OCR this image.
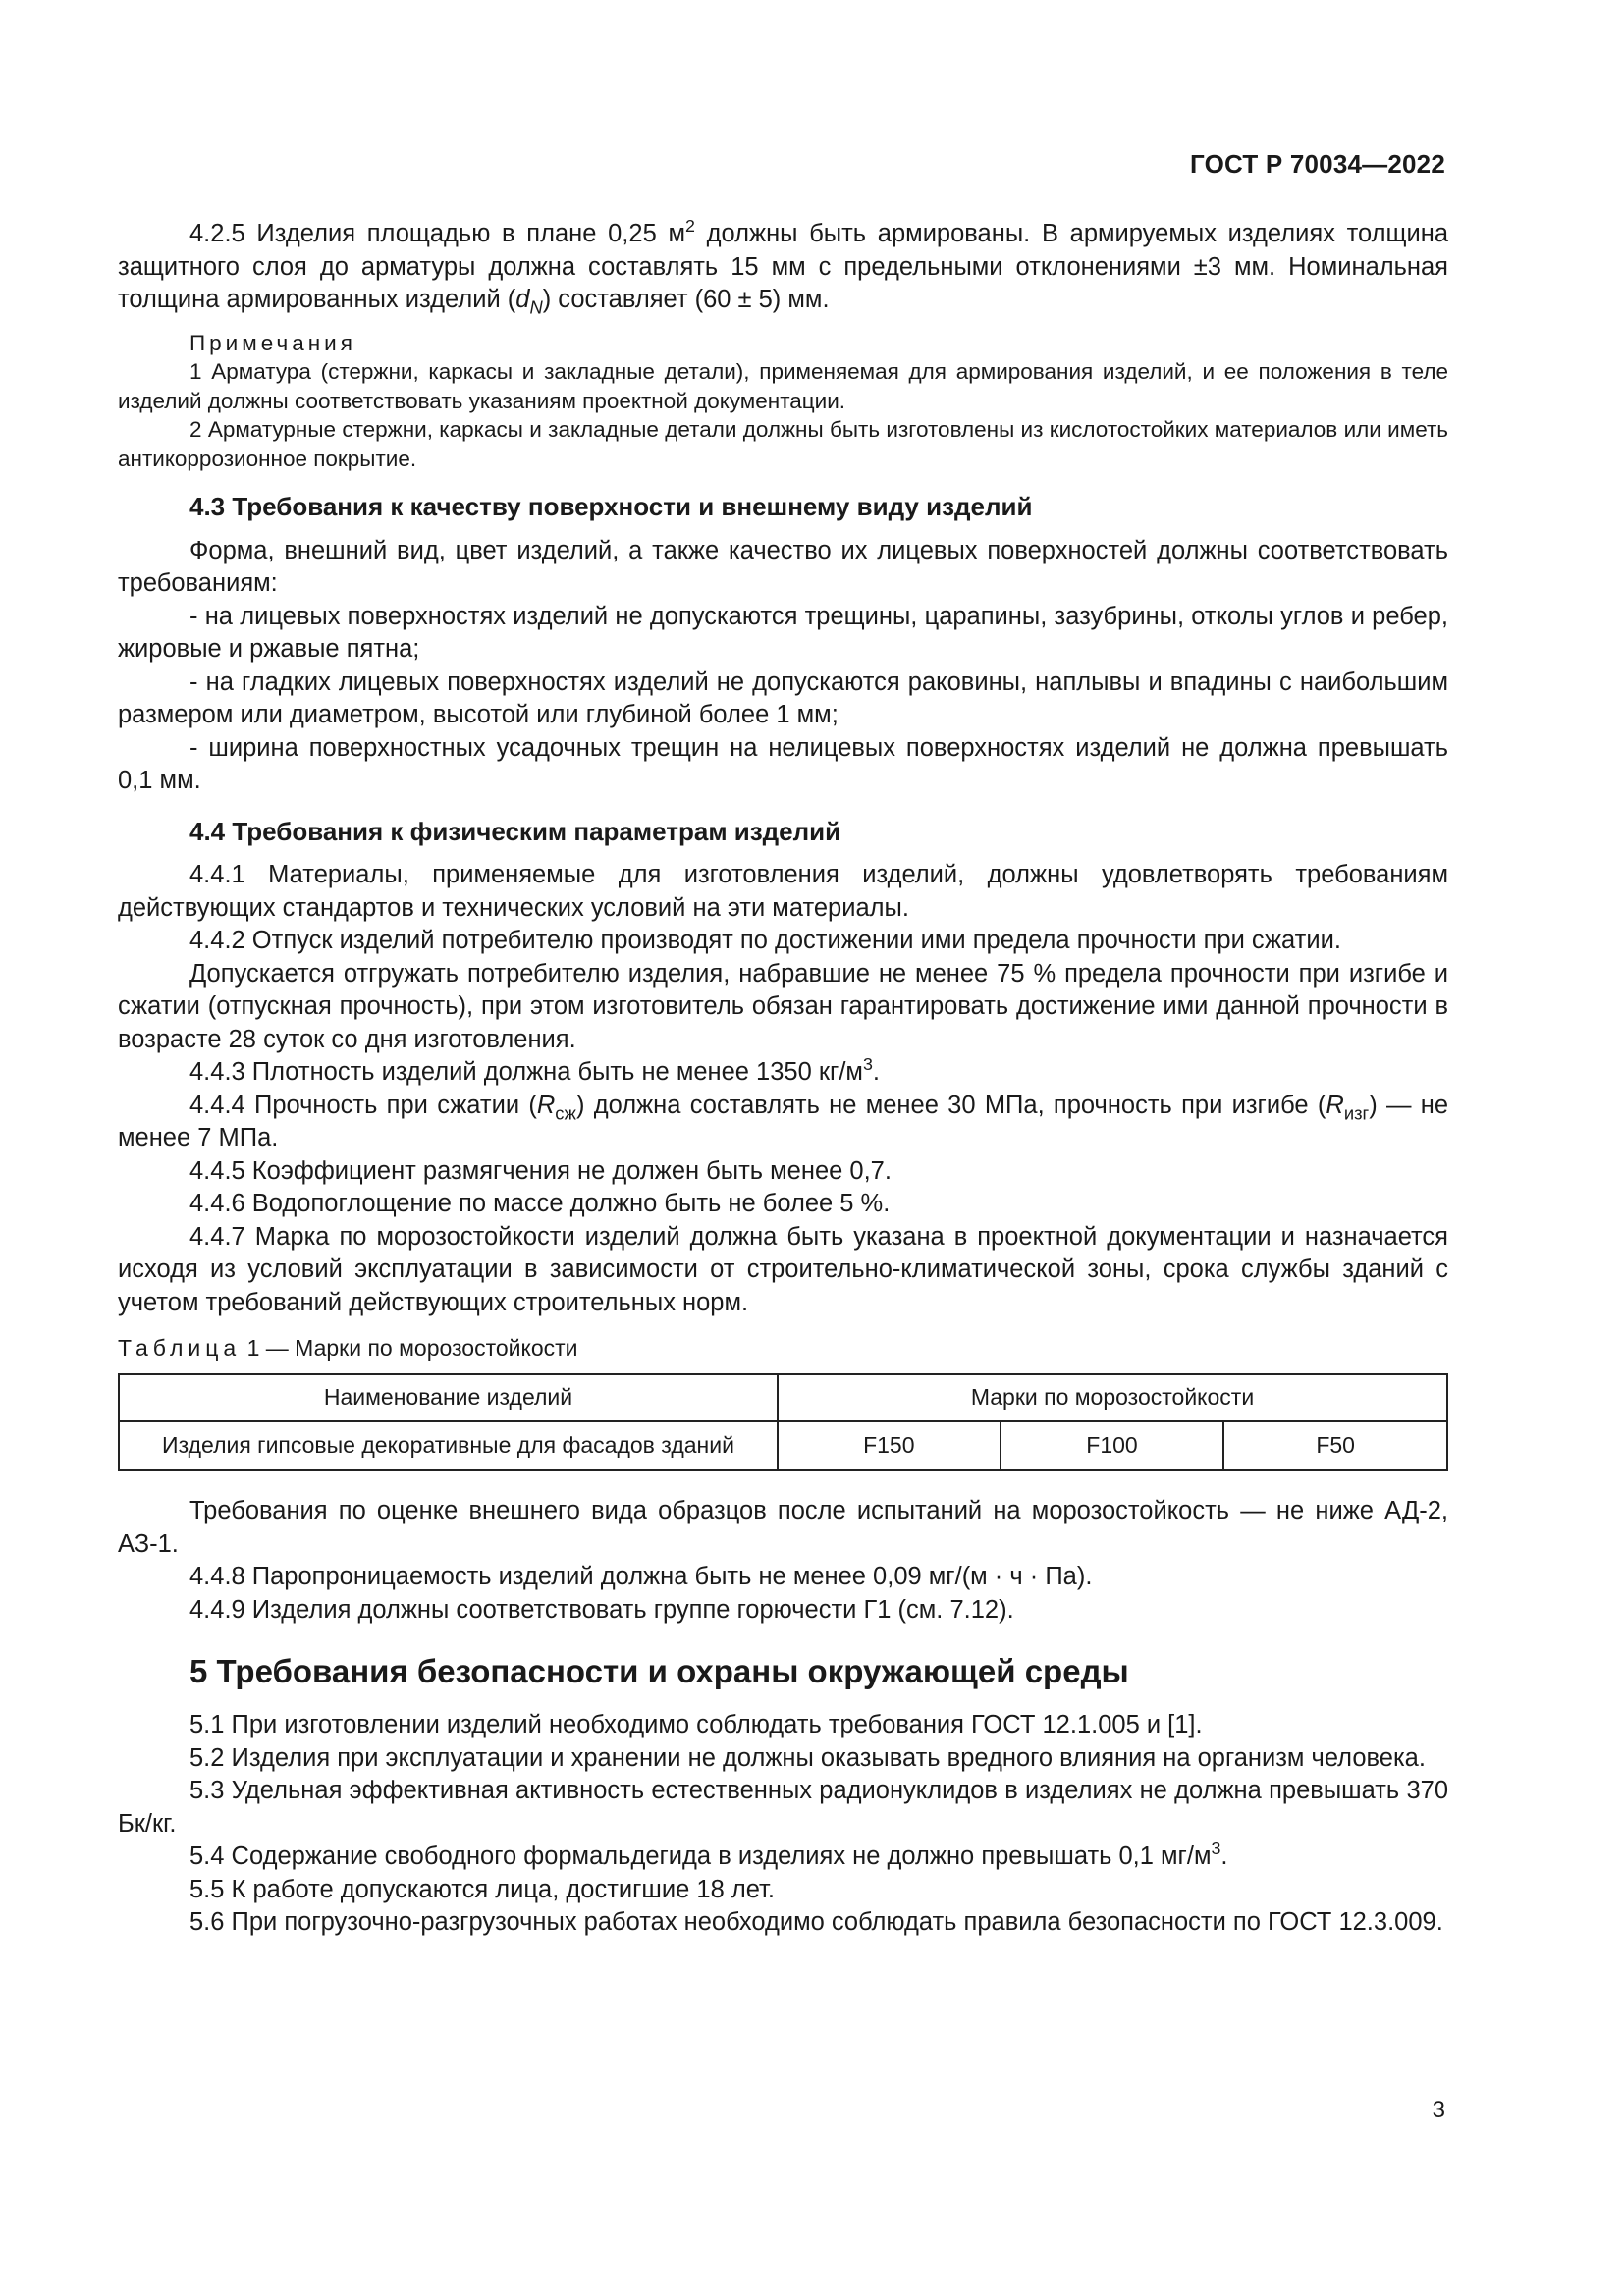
ГОСТ Р 70034—2022

4.2.5 Изделия площадью в плане 0,25 $м^2$ должны быть армированы. В армируемых изделиях толщина защитного слоя до арматуры должна составлять 15 мм с предельными отклонениями ±3 мм. Номинальная толщина армированных изделий $(d_N)$ составляет (60 ± 5) мм.

Примечания

1 Арматура (стержни, каркасы и закладные детали), применяемая для армирования изделий, и ее положения в теле изделий должны соответствовать указаниям проектной документации.

2 Арматурные стержни, каркасы и закладные детали должны быть изготовлены из кислотостойких материалов или иметь антикоррозионное покрытие.

4.3 Требования к качеству поверхности и внешнему виду изделий

Форма, внешний вид, цвет изделий, а также качество их лицевых поверхностей должны соответствовать требованиям:

- на лицевых поверхностях изделий не допускаются трещины, царапины, зазубрины, отколы углов и ребер, жировые и ржавые пятна;

- на гладких лицевых поверхностях изделий не допускаются раковины, наплывы и впадины с наибольшим размером или диаметром, высотой или глубиной более 1 мм;

- ширина поверхностных усадочных трещин на нелицевых поверхностях изделий не должна превышать 0,1 мм.

4.4 Требования к физическим параметрам изделий

4.4.1 Материалы, применяемые для изготовления изделий, должны удовлетворять требованиям действующих стандартов и технических условий на эти материалы.

4.4.2 Отпуск изделий потребителю производят по достижении ими предела прочности при сжатии.

Допускается отгружать потребителю изделия, набравшие не менее 75 % предела прочности при изгибе и сжатии (отпускная прочность), при этом изготовитель обязан гарантировать достижение ими данной прочности в возрасте 28 суток со дня изготовления.

4.4.3 Плотность изделий должна быть не менее 1350 $кг/м^3$.

4.4.4 Прочность при сжатии $(R_{сж})$ должна составлять не менее 30 МПа, прочность при изгибе $(R_{изг})$ — не менее 7 МПа.

4.4.5 Коэффициент размягчения не должен быть менее 0,7.

4.4.6 Водопоглощение по массе должно быть не более 5 %.

4.4.7 Марка по морозостойкости изделий должна быть указана в проектной документации и назначается исходя из условий эксплуатации в зависимости от строительно-климатической зоны, срока службы зданий с учетом требований действующих строительных норм.

Таблица 1 — Марки по морозостойкости
Наименование изделий	Марки по морозостойкости		
Изделия гипсовые декоративные для фасадов зданий	F150	F100	F50

Требования по оценке внешнего вида образцов после испытаний на морозостойкость — не ниже АД-2, АЗ-1.

4.4.8 Паропроницаемость изделий должна быть не менее 0,09 мг/(м · ч · Па).

4.4.9 Изделия должны соответствовать группе горючести Г1 (см. 7.12).

5 Требования безопасности и охраны окружающей среды

5.1 При изготовлении изделий необходимо соблюдать требования ГОСТ 12.1.005 и [1].

5.2 Изделия при эксплуатации и хранении не должны оказывать вредного влияния на организм человека.

5.3 Удельная эффективная активность естественных радионуклидов в изделиях не должна превышать 370 Бк/кг.

5.4 Содержание свободного формальдегида в изделиях не должно превышать 0,1 $мг/м^3$.

5.5 К работе допускаются лица, достигшие 18 лет.

5.6 При погрузочно-разгрузочных работах необходимо соблюдать правила безопасности по ГОСТ 12.3.009.

3
